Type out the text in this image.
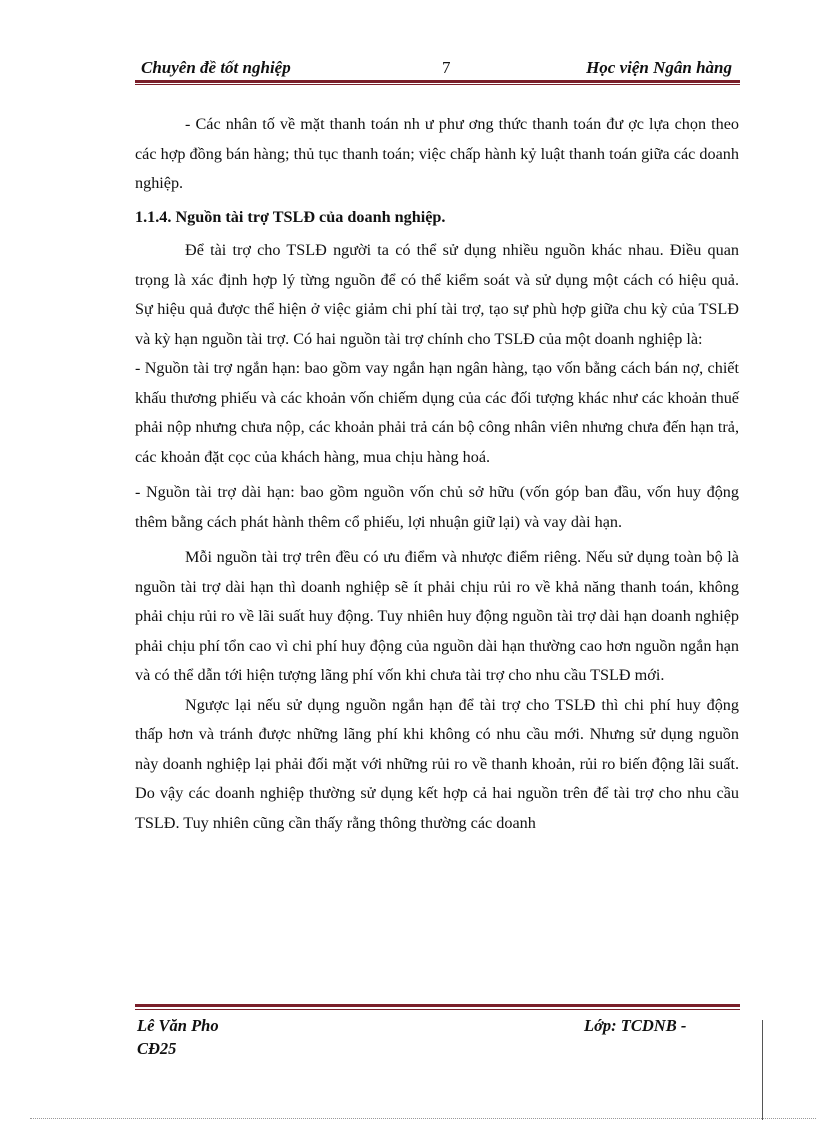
Chuyên đề tốt nghiệp	7	Học viện Ngân hàng

- Các nhân tố về mặt thanh toán nh ư phư ơng thức thanh toán đư ợc lựa chọn theo các hợp đồng bán hàng; thủ tục thanh toán; việc chấp hành kỷ luật thanh toán giữa các doanh nghiệp.

1.1.4. Nguồn tài trợ TSLĐ của doanh nghiệp.

Để tài trợ cho TSLĐ người ta có thể sử dụng nhiều nguồn khác nhau. Điều quan trọng là xác định hợp lý từng nguồn để có thể kiểm soát và sử dụng một cách có hiệu quả. Sự hiệu quả được thể hiện ở việc giảm chi phí tài trợ, tạo sự phù hợp giữa chu kỳ của TSLĐ và kỳ hạn nguồn tài trợ. Có hai nguồn tài trợ chính cho TSLĐ của một doanh nghiệp là:

- Nguồn tài trợ ngắn hạn: bao gồm vay ngắn hạn ngân hàng, tạo vốn bằng cách bán nợ, chiết khấu thương phiếu và các khoản vốn chiếm dụng của các đối tượng khác như các khoản thuế phải nộp nhưng chưa nộp, các khoản phải trả cán bộ công nhân viên nhưng chưa đến hạn trả, các khoản đặt cọc của khách hàng, mua chịu hàng hoá.

- Nguồn tài trợ dài hạn: bao gồm nguồn vốn chủ sở hữu (vốn góp ban đầu, vốn huy động thêm bằng cách phát hành thêm cổ phiếu, lợi nhuận giữ lại) và vay dài hạn.

Mỗi nguồn tài trợ trên đều có ưu điểm và nhược điểm riêng. Nếu sử dụng toàn bộ là nguồn tài trợ dài hạn thì doanh nghiệp sẽ ít phải chịu rủi ro về khả năng thanh toán, không phải chịu rủi ro về lãi suất huy động. Tuy nhiên huy động nguồn tài trợ dài hạn doanh nghiệp phải chịu phí tổn cao vì chi phí huy động của nguồn dài hạn thường cao hơn nguồn ngắn hạn và có thể dẫn tới hiện tượng lãng phí vốn khi chưa tài trợ cho nhu cầu TSLĐ mới.

Ngược lại nếu sử dụng nguồn ngắn hạn để tài trợ cho TSLĐ thì chi phí huy động thấp hơn và tránh được những lãng phí khi không có nhu cầu mới. Nhưng sử dụng nguồn này doanh nghiệp lại phải đối mặt với những rủi ro về thanh khoản, rủi ro biến động lãi suất. Do vậy các doanh nghiệp thường sử dụng kết hợp cả hai nguồn trên để tài trợ cho nhu cầu TSLĐ. Tuy nhiên cũng cần thấy rằng thông thường các doanh

Lê Văn Pho
CĐ25
Lớp: TCDNB -
